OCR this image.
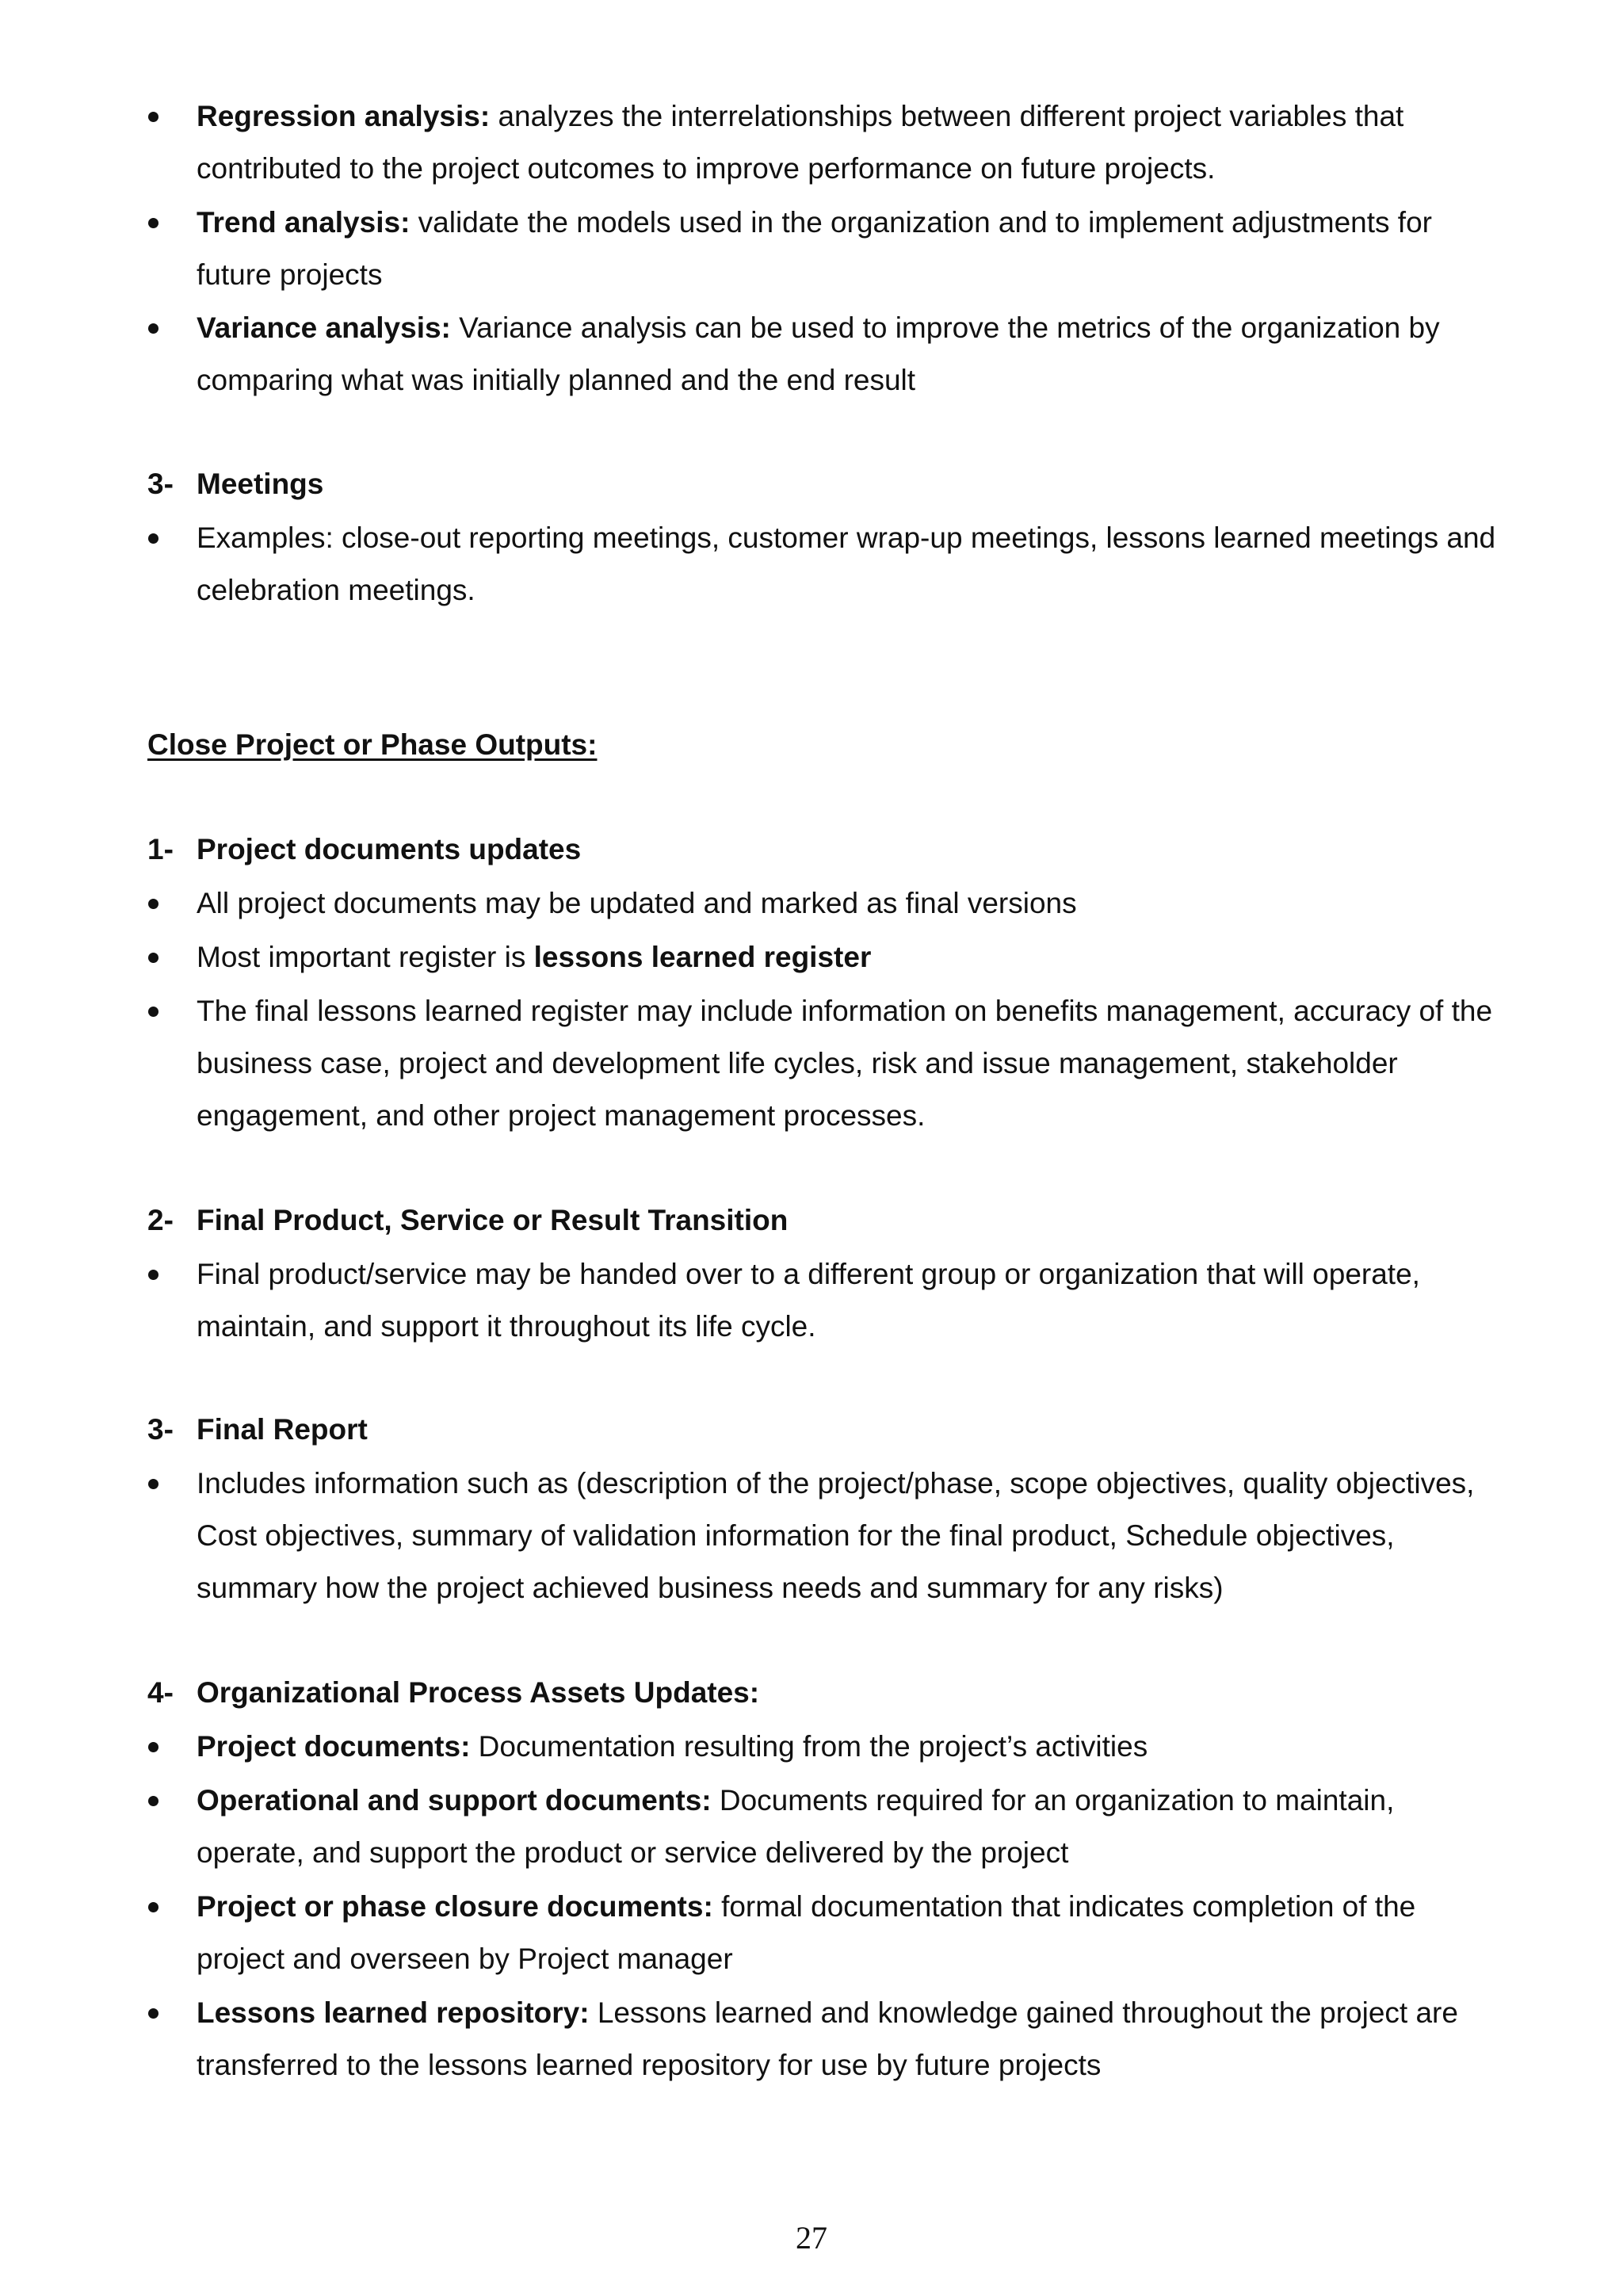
Regression analysis: analyzes the interrelationships between different project variables that
contributed to the project outcomes to improve performance on future projects.
Trend analysis: validate the models used in the organization and to implement adjustments for
future projects
Variance analysis: Variance analysis can be used to improve the metrics of the organization by
comparing what was initially planned and the end result
3- Meetings
Examples: close-out reporting meetings, customer wrap-up meetings, lessons learned meetings and
celebration meetings.
Close Project or Phase Outputs:
1- Project documents updates
All project documents may be updated and marked as final versions
Most important register is lessons learned register
The final lessons learned register may include information on benefits management, accuracy of the
business case, project and development life cycles, risk and issue management, stakeholder
engagement, and other project management processes.
2- Final Product, Service or Result Transition
Final product/service may be handed over to a different group or organization that will operate,
maintain, and support it throughout its life cycle.
3- Final Report
Includes information such as (description of the project/phase, scope objectives, quality objectives,
Cost objectives, summary of validation information for the final product, Schedule objectives,
summary how the project achieved business needs and summary for any risks)
4- Organizational Process Assets Updates:
Project documents: Documentation resulting from the project’s activities
Operational and support documents: Documents required for an organization to maintain,
operate, and support the product or service delivered by the project
Project or phase closure documents: formal documentation that indicates completion of the
project and overseen by Project manager
Lessons learned repository: Lessons learned and knowledge gained throughout the project are
transferred to the lessons learned repository for use by future projects
27
